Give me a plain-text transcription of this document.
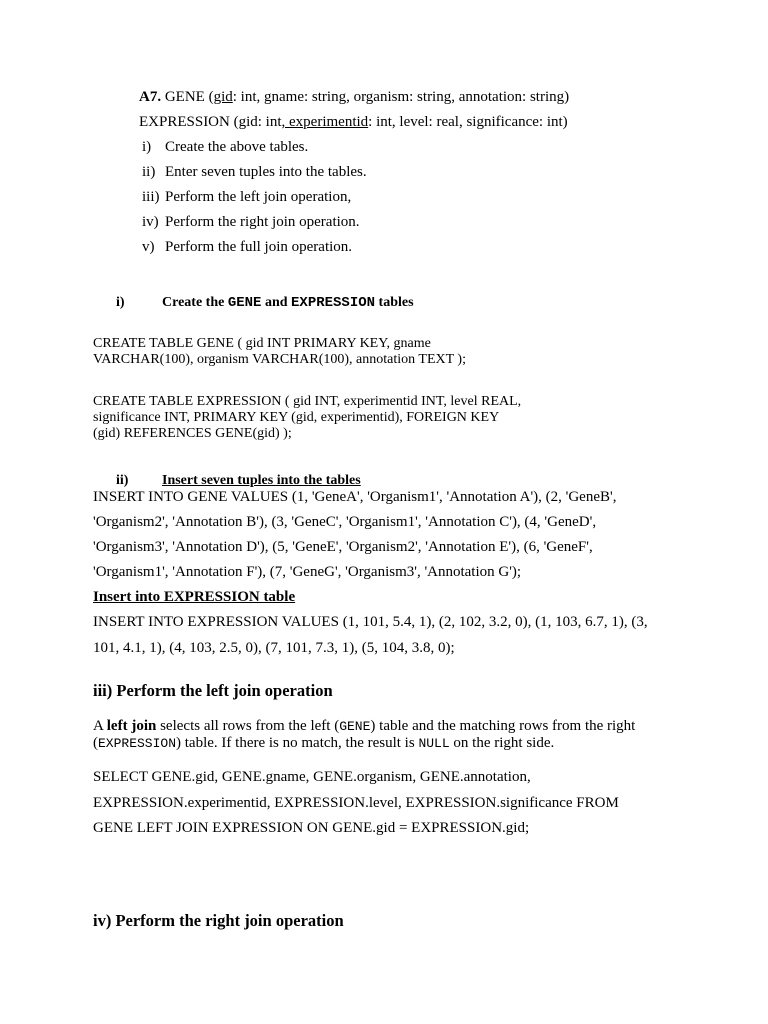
A7. GENE (gid: int, gname: string, organism: string, annotation: string)
EXPRESSION (gid: int, experimentid: int, level: real, significance: int)
i) Create the above tables.
ii) Enter seven tuples into the tables.
iii) Perform the left join operation,
iv) Perform the right join operation.
v) Perform the full join operation.
i)	Create the GENE and EXPRESSION tables
CREATE TABLE GENE ( gid INT PRIMARY KEY, gname
VARCHAR(100), organism VARCHAR(100), annotation TEXT );
CREATE TABLE EXPRESSION ( gid INT, experimentid INT, level REAL,
significance INT, PRIMARY KEY (gid, experimentid), FOREIGN KEY
(gid) REFERENCES GENE(gid) );
ii) Insert seven tuples into the tables
INSERT INTO GENE VALUES (1, 'GeneA', 'Organism1', 'Annotation A'), (2, 'GeneB',
'Organism2', 'Annotation B'), (3, 'GeneC', 'Organism1', 'Annotation C'), (4, 'GeneD',
'Organism3', 'Annotation D'), (5, 'GeneE', 'Organism2', 'Annotation E'), (6, 'GeneF',
'Organism1', 'Annotation F'), (7, 'GeneG', 'Organism3', 'Annotation G');
Insert into EXPRESSION table
INSERT INTO EXPRESSION VALUES (1, 101, 5.4, 1), (2, 102, 3.2, 0), (1, 103, 6.7, 1), (3,
101, 4.1, 1), (4, 103, 2.5, 0), (7, 101, 7.3, 1), (5, 104, 3.8, 0);
iii) Perform the left join operation
A left join selects all rows from the left (GENE) table and the matching rows from the right
(EXPRESSION) table. If there is no match, the result is NULL on the right side.
SELECT GENE.gid, GENE.gname, GENE.organism, GENE.annotation,
EXPRESSION.experimentid, EXPRESSION.level, EXPRESSION.significance FROM
GENE LEFT JOIN EXPRESSION ON GENE.gid = EXPRESSION.gid;
iv) Perform the right join operation
